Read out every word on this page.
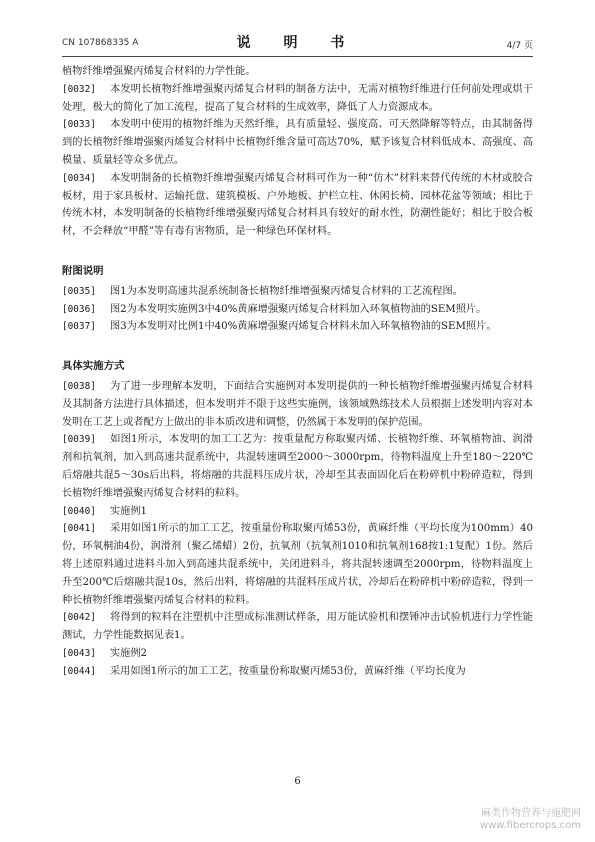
CN 107868335 A	说 明 书	4/7 页

植物纤维增强聚丙烯复合材料的力学性能。

[0032] 本发明长植物纤维增强聚丙烯复合材料的制备方法中，无需对植物纤维进行任何前处理或烘干处理，极大的简化了加工流程，提高了复合材料的生成效率，降低了人力资源成本。

[0033] 本发明中使用的植物纤维为天然纤维，具有质量轻、强度高、可天然降解等特点，由其制备得到的长植物纤维增强聚丙烯复合材料中长植物纤维含量可高达70%，赋予该复合材料低成本、高强度、高模量、质量轻等众多优点。

[0034] 本发明制备的长植物纤维增强聚丙烯复合材料可作为一种“仿木”材料来替代传统的木材或胶合板材，用于家具板材、运输托盘、建筑模板、户外地板、护栏立柱、休闲长椅、园林花盆等领域；相比于传统木材，本发明制备的长植物纤维增强聚丙烯复合材料具有较好的耐水性，防潮性能好；相比于胶合板材，不会释放“甲醛”等有毒有害物质，是一种绿色环保材料。

附图说明

[0035] 图1为本发明高速共混系统制备长植物纤维增强聚丙烯复合材料的工艺流程图。

[0036] 图2为本发明实施例3中40%黄麻增强聚丙烯复合材料加入环氧植物油的SEM照片。

[0037] 图3为本发明对比例1中40%黄麻增强聚丙烯复合材料未加入环氧植物油的SEM照片。

具体实施方式

[0038] 为了进一步理解本发明，下面结合实施例对本发明提供的一种长植物纤维增强聚丙烯复合材料及其制备方法进行具体描述，但本发明并不限于这些实施例，该领域熟练技术人员根据上述发明内容对本发明在工艺上或者配方上做出的非本质改进和调整，仍然属于本发明的保护范围。

[0039] 如图1所示，本发明的加工工艺为：按重量配方称取聚丙烯、长植物纤维、环氧植物油、润滑剂和抗氧剂，加入到高速共混系统中，共混转速调至2000～3000rpm，待物料温度上升至180～220℃后熔融共混5～30s后出料，将熔融的共混料压成片状，冷却至其表面固化后在粉碎机中粉碎造粒，得到长植物纤维增强聚丙烯复合材料的粒料。

[0040] 实施例1

[0041] 采用如图1所示的加工工艺，按重量份称取聚丙烯53份，黄麻纤维（平均长度为100mm）40份，环氧桐油4份，润滑剂（聚乙烯蜡）2份，抗氧剂（抗氧剂1010和抗氧剂168按1:1复配）1份。然后将上述原料通过进料斗加入到高速共混系统中，关闭进料斗，将共混转速调至2000rpm，待物料温度上升至200℃后熔融共混10s，然后出料，将熔融的共混料压成片状，冷却后在粉碎机中粉碎造粒，得到一种长植物纤维增强聚丙烯复合材料的粒料。

[0042] 将得到的粒料在注塑机中注塑成标准测试样条，用万能试验机和摆锤冲击试验机进行力学性能测试，力学性能数据见表1。

[0043] 实施例2

[0044] 采用如图1所示的加工工艺，按重量份称取聚丙烯53份，黄麻纤维（平均长度为

6
麻类作物营养与施肥网
www.fibercrops.com
